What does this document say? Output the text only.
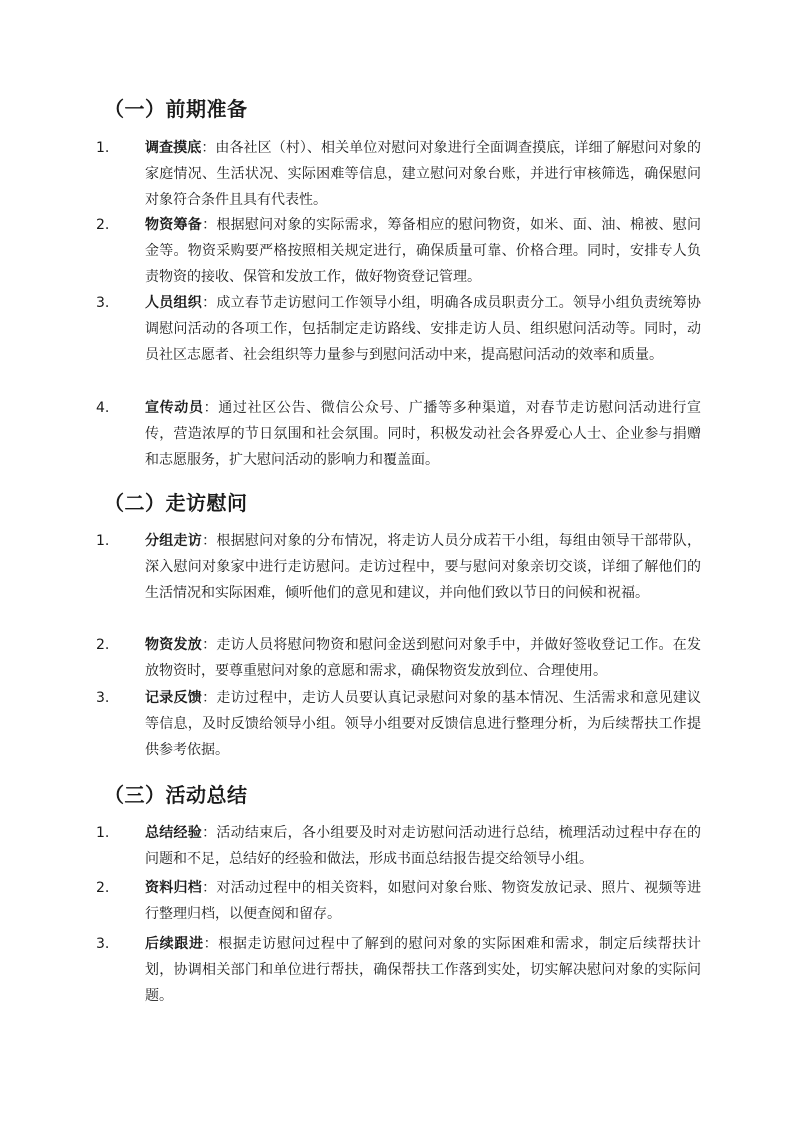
（一）前期准备
1.	调查摸底：由各社区（村）、相关单位对慰问对象进行全面调查摸底，详细了解慰问对象的家庭情况、生活状况、实际困难等信息，建立慰问对象台账，并进行审核筛选，确保慰问对象符合条件且具有代表性。

2.	物资筹备：根据慰问对象的实际需求，筹备相应的慰问物资，如米、面、油、棉被、慰问金等。物资采购要严格按照相关规定进行，确保质量可靠、价格合理。同时，安排专人负责物资的接收、保管和发放工作，做好物资登记管理。

3.	人员组织：成立春节走访慰问工作领导小组，明确各成员职责分工。领导小组负责统筹协调慰问活动的各项工作，包括制定走访路线、安排走访人员、组织慰问活动等。同时，动员社区志愿者、社会组织等力量参与到慰问活动中来，提高慰问活动的效率和质量。

4.	宣传动员：通过社区公告、微信公众号、广播等多种渠道，对春节走访慰问活动进行宣传，营造浓厚的节日氛围和社会氛围。同时，积极发动社会各界爱心人士、企业参与捐赠和志愿服务，扩大慰问活动的影响力和覆盖面。

（二）走访慰问
1.	分组走访：根据慰问对象的分布情况，将走访人员分成若干小组，每组由领导干部带队，深入慰问对象家中进行走访慰问。走访过程中，要与慰问对象亲切交谈，详细了解他们的生活情况和实际困难，倾听他们的意见和建议，并向他们致以节日的问候和祝福。

2.	物资发放：走访人员将慰问物资和慰问金送到慰问对象手中，并做好签收登记工作。在发放物资时，要尊重慰问对象的意愿和需求，确保物资发放到位、合理使用。

3.	记录反馈：走访过程中，走访人员要认真记录慰问对象的基本情况、生活需求和意见建议等信息，及时反馈给领导小组。领导小组要对反馈信息进行整理分析，为后续帮扶工作提供参考依据。

（三）活动总结
1.	总结经验：活动结束后，各小组要及时对走访慰问活动进行总结，梳理活动过程中存在的问题和不足，总结好的经验和做法，形成书面总结报告提交给领导小组。

2.	资料归档：对活动过程中的相关资料，如慰问对象台账、物资发放记录、照片、视频等进行整理归档，以便查阅和留存。

3.	后续跟进：根据走访慰问过程中了解到的慰问对象的实际困难和需求，制定后续帮扶计划，协调相关部门和单位进行帮扶，确保帮扶工作落到实处，切实解决慰问对象的实际问题。
